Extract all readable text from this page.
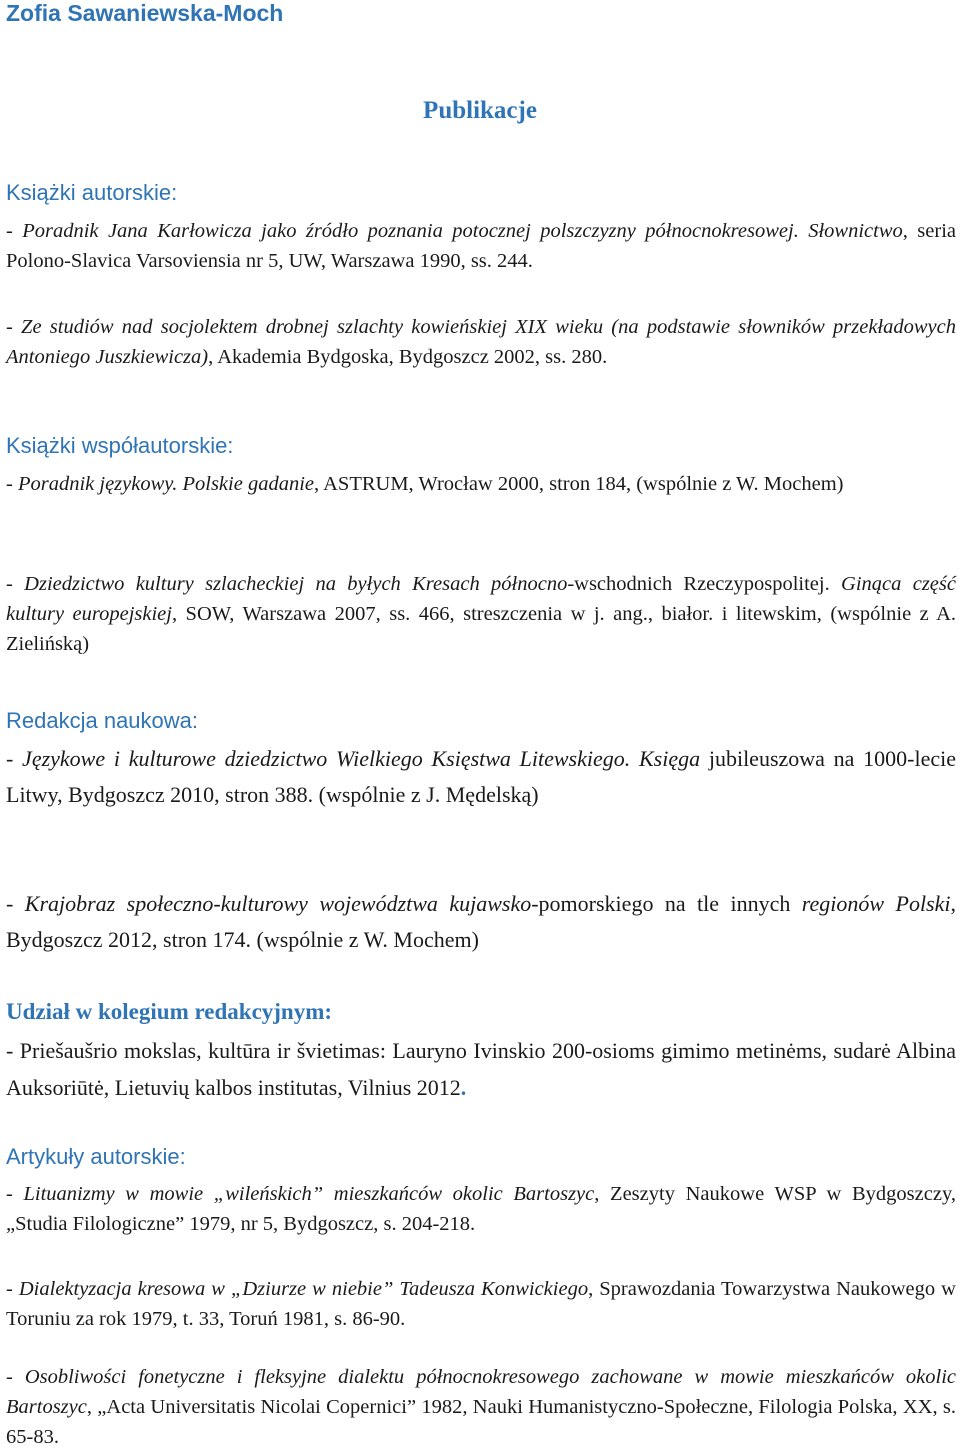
Zofia Sawaniewska-Moch
Publikacje
Książki autorskie:

- Poradnik Jana Karłowicza jako źródło poznania potocznej polszczyzny północnokresowej. Słownictwo, seria Polono-Slavica Varsoviensia nr 5, UW, Warszawa 1990, ss. 244.

- Ze studiów nad socjolektem drobnej szlachty kowieńskiej XIX wieku (na podstawie słowników przekładowych Antoniego Juszkiewicza), Akademia Bydgoska, Bydgoszcz 2002, ss. 280.

Książki współautorskie:

- Poradnik językowy. Polskie gadanie, ASTRUM, Wrocław 2000, stron 184, (wspólnie z W. Mochem)

- Dziedzictwo kultury szlacheckiej na byłych Kresach północno-wschodnich Rzeczypospolitej. Ginąca część kultury europejskiej, SOW, Warszawa 2007, ss. 466, streszczenia w j. ang., białor. i litewskim, (wspólnie z A. Zielińską)

Redakcja naukowa:

- Językowe i kulturowe dziedzictwo Wielkiego Księstwa Litewskiego. Księga jubileuszowa na 1000-lecie Litwy, Bydgoszcz 2010, stron 388. (wspólnie z J. Mędelską)

- Krajobraz społeczno-kulturowy województwa kujawsko-pomorskiego na tle innych regionów Polski, Bydgoszcz 2012, stron 174. (wspólnie z W. Mochem)

Udział w kolegium redakcyjnym:

- Priešaušrio mokslas, kultūra ir švietimas: Lauryno Ivinskio 200-osioms gimimo metinėms, sudarė Albina Auksoriūtė, Lietuvių kalbos institutas, Vilnius 2012.

Artykuły autorskie:

- Lituanizmy w mowie „wileńskich” mieszkańców okolic Bartoszyc, Zeszyty Naukowe WSP w Bydgoszczy, „Studia Filologiczne” 1979, nr 5, Bydgoszcz, s. 204-218.

- Dialektyzacja kresowa w „Dziurze w niebie” Tadeusza Konwickiego, Sprawozdania Towarzystwa Naukowego w Toruniu za rok 1979, t. 33, Toruń 1981, s. 86-90.

- Osobliwości fonetyczne i fleksyjne dialektu północnokresowego zachowane w mowie mieszkańców okolic Bartoszyc, „Acta Universitatis Nicolai Copernici” 1982, Nauki Humanistyczno-Społeczne, Filologia Polska, XX, s. 65-83.
